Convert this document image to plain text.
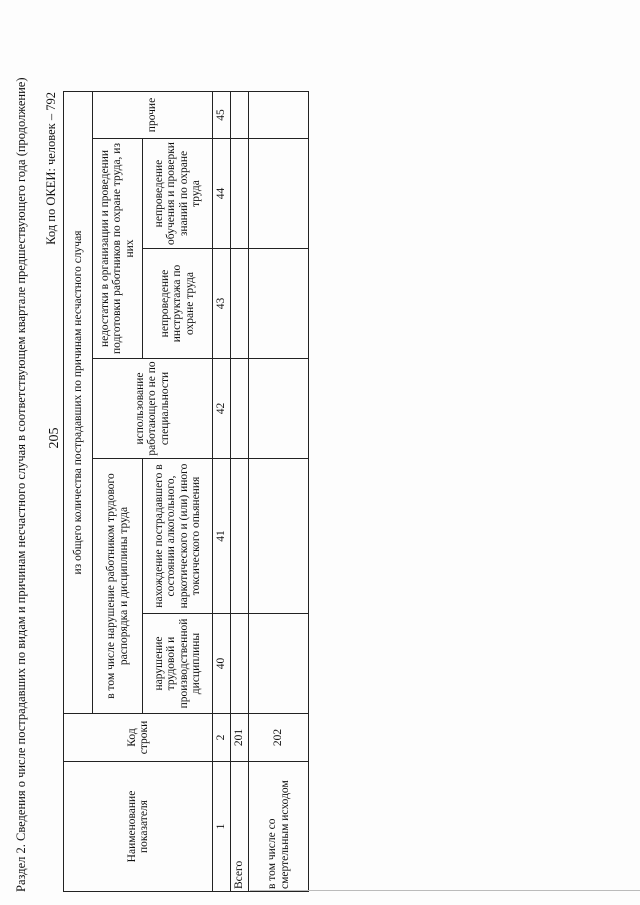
205
Раздел 2. Сведения о числе пострадавших по видам и причинам несчастного случая в соответствующем квартале предшествующего года (продолжение) Код по ОКЕИ: человек – 792
Наименование показателя	Код строки	из общего количества пострадавших по причинам несчастного случая					
		в том числе нарушение работником трудового распорядка и дисциплины труда		использование работающего не по специальности	недостатки в организации и проведении подготовки работников по охране труда, из них		прочие
		нарушение трудовой и производственной дисциплины	нахождение пострадавшего в состоянии алкогольного, наркотического и (или) иного токсического опьянения		непроведение инструктажа по охране труда	непроведение обучения и проверки знаний по охране труда	
1	2	40	41	42	43	44	45
Всего	201						
в том числе со смертельным исходом	202						
